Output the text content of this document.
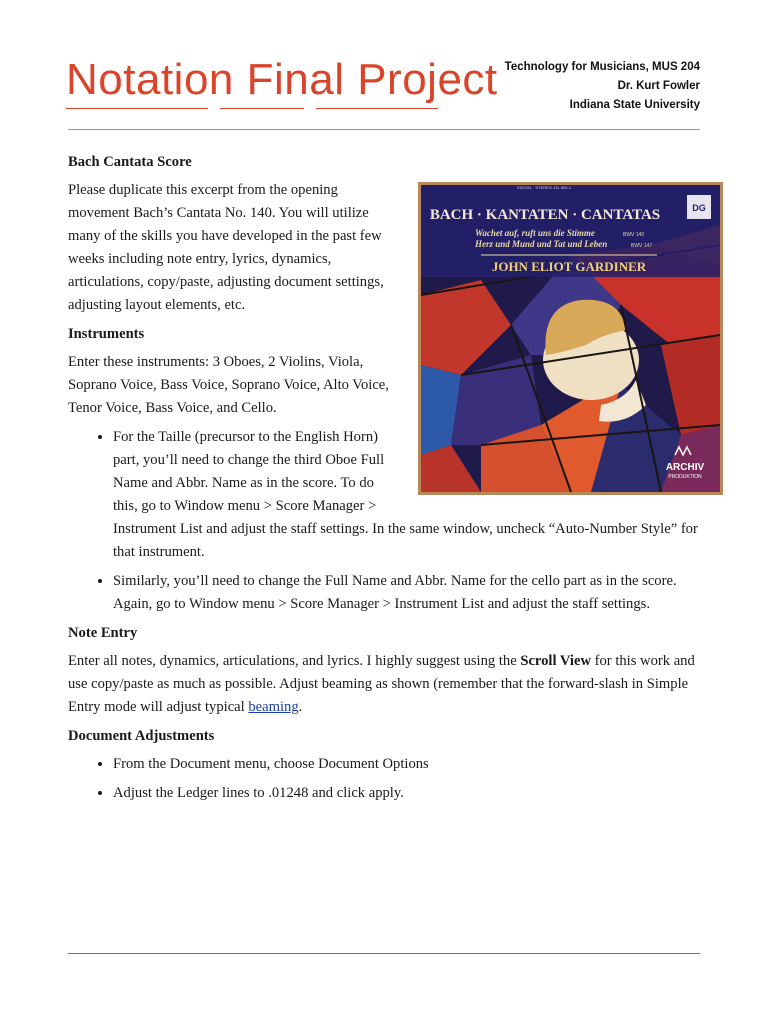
Notation Final Project Technology for Musicians, MUS 204
Dr. Kurt Fowler
Indiana State University
DIGITAL · STEREO 431 809-2
DG
BACH · KANTATEN · CANTATAS
Wachet auf, ruft uns die Stimme	BWV 140
Herz und Mund und Tat und Leben	BWV 147
JOHN ELIOT GARDINER
ARCHIV
PRODUKTION
Bach Cantata Score

Please duplicate this excerpt from the opening movement Bach’s Cantata No. 140. You will utilize many of the skills you have developed in the past few weeks including note entry, lyrics, dynamics, articulations, copy/paste, adjusting document settings, adjusting layout elements, etc.

Instruments

Enter these instruments: 3 Oboes, 2 Violins, Viola, Soprano Voice, Bass Voice, Soprano Voice, Alto Voice, Tenor Voice, Bass Voice, and Cello.

• For the Taille (precursor to the English Horn) part, you’ll need to change the third Oboe Full Name and Abbr. Name as in the score. To do this, go to Window menu > Score Manager > Instrument List and adjust the staff settings. In the same window, uncheck “Auto-Number Style” for that instrument.
• Similarly, you’ll need to change the Full Name and Abbr. Name for the cello part as in the score. Again, go to Window menu > Score Manager > Instrument List and adjust the staff settings.
Note Entry

Enter all notes, dynamics, articulations, and lyrics. I highly suggest using the Scroll View for this work and use copy/paste as much as possible. Adjust beaming as shown (remember that the forward-slash in Simple Entry mode will adjust typical beaming.

Document Adjustments
• From the Document menu, choose Document Options
• Adjust the Ledger lines to .01248 and click apply.
